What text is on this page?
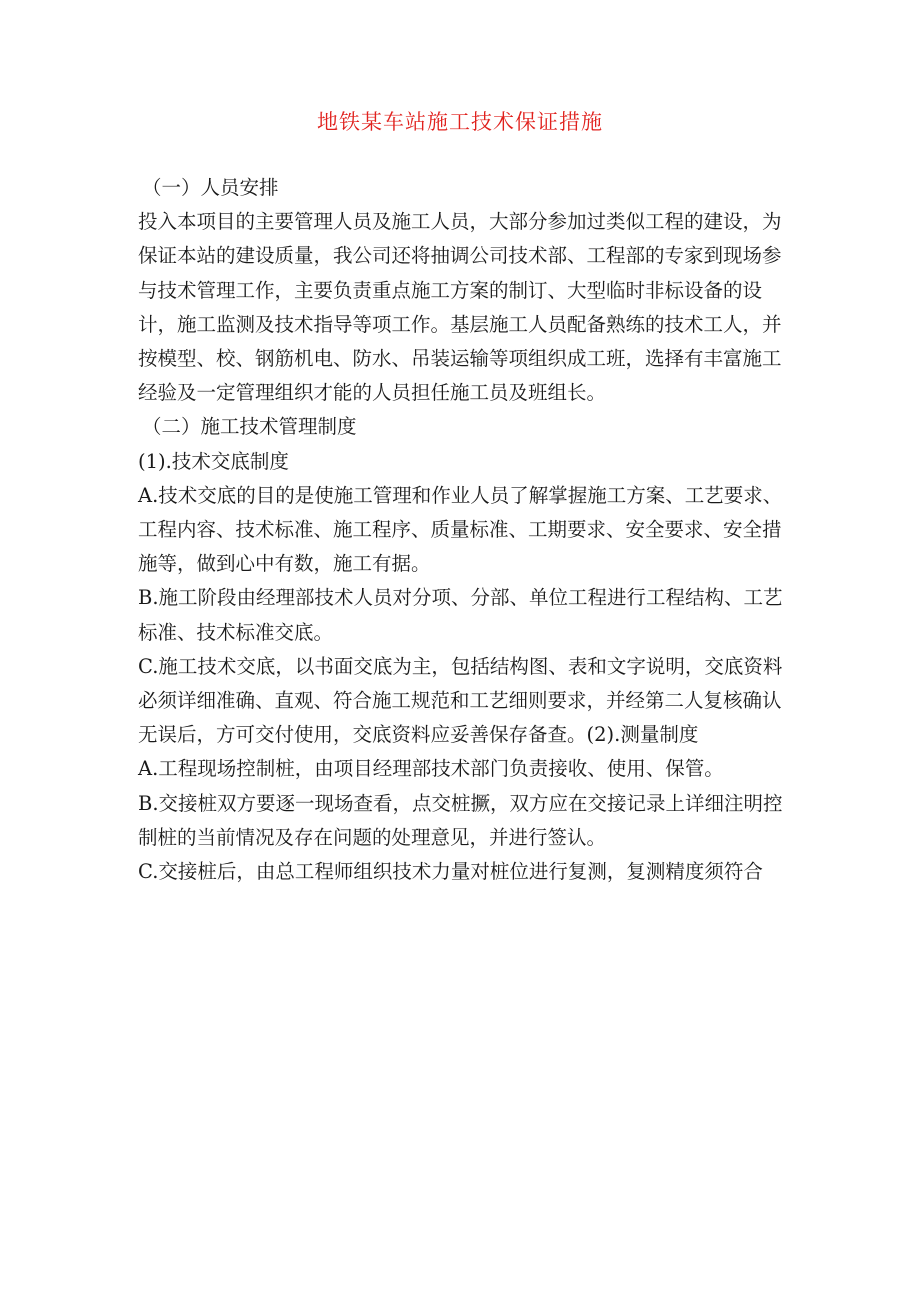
地铁某车站施工技术保证措施

（一）人员安排

投入本项目的主要管理人员及施工人员，大部分参加过类似工程的建设，为保证本站的建设质量，我公司还将抽调公司技术部、工程部的专家到现场参与技术管理工作，主要负责重点施工方案的制订、大型临时非标设备的设计，施工监测及技术指导等项工作。基层施工人员配备熟练的技术工人，并按模型、校、钢筋机电、防水、吊装运输等项组织成工班，选择有丰富施工经验及一定管理组织才能的人员担任施工员及班组长。

（二）施工技术管理制度

(1).技术交底制度

A.技术交底的目的是使施工管理和作业人员了解掌握施工方案、工艺要求、工程内容、技术标准、施工程序、质量标准、工期要求、安全要求、安全措施等，做到心中有数，施工有据。

B.施工阶段由经理部技术人员对分项、分部、单位工程进行工程结构、工艺标准、技术标准交底。

C.施工技术交底，以书面交底为主，包括结构图、表和文字说明，交底资料必须详细准确、直观、符合施工规范和工艺细则要求，并经第二人复核确认无误后，方可交付使用，交底资料应妥善保存备查。(2).测量制度

A.工程现场控制桩，由项目经理部技术部门负责接收、使用、保管。

B.交接桩双方要逐一现场查看，点交桩撅，双方应在交接记录上详细注明控制桩的当前情况及存在问题的处理意见，并进行签认。

C.交接桩后，由总工程师组织技术力量对桩位进行复测，复测精度须符合
